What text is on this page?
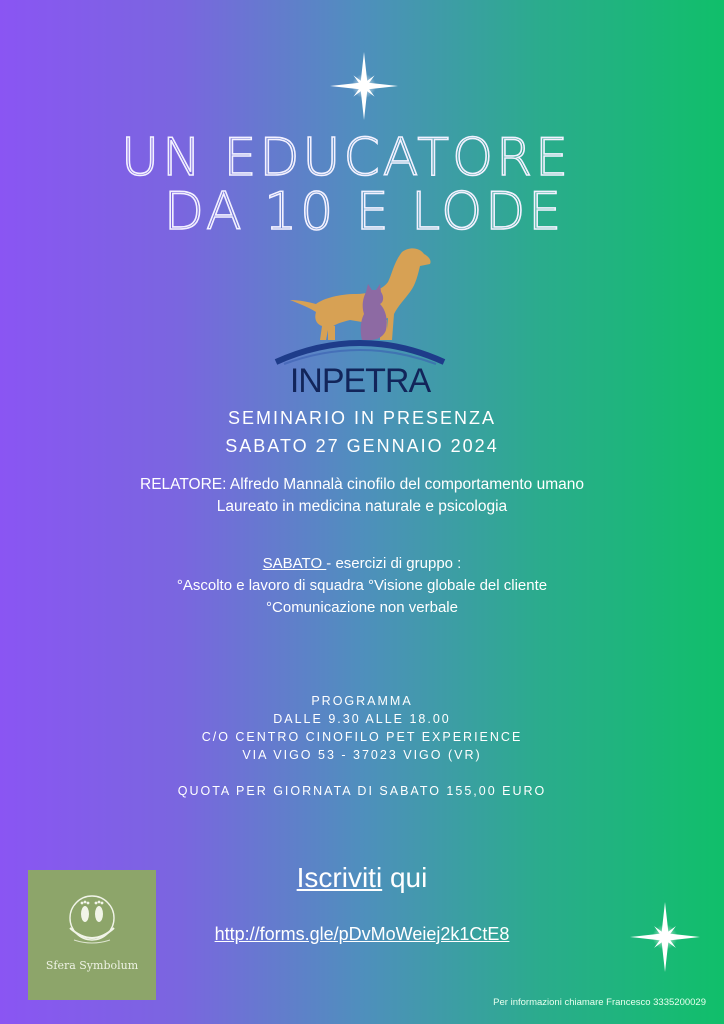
UN EDUCATORE
DA 10 E LODE
INPETRA
SEMINARIO IN PRESENZA
SABATO 27 GENNAIO 2024
RELATORE: Alfredo Mannalà cinofilo del comportamento umano
Laureato in medicina naturale e psicologia
SABATO - esercizi di gruppo :
°Ascolto e lavoro di squadra °Visione globale del cliente
°Comunicazione non verbale
PROGRAMMA
DALLE 9.30 ALLE 18.00
C/O CENTRO CINOFILO PET EXPERIENCE
VIA VIGO 53 - 37023 VIGO (VR)
QUOTA PER GIORNATA DI SABATO 155,00 EURO
Iscriviti qui
http://forms.gle/pDvMoWeiej2k1CtE8
Sfera Symbolum
Per informazioni chiamare Francesco 3335200029
